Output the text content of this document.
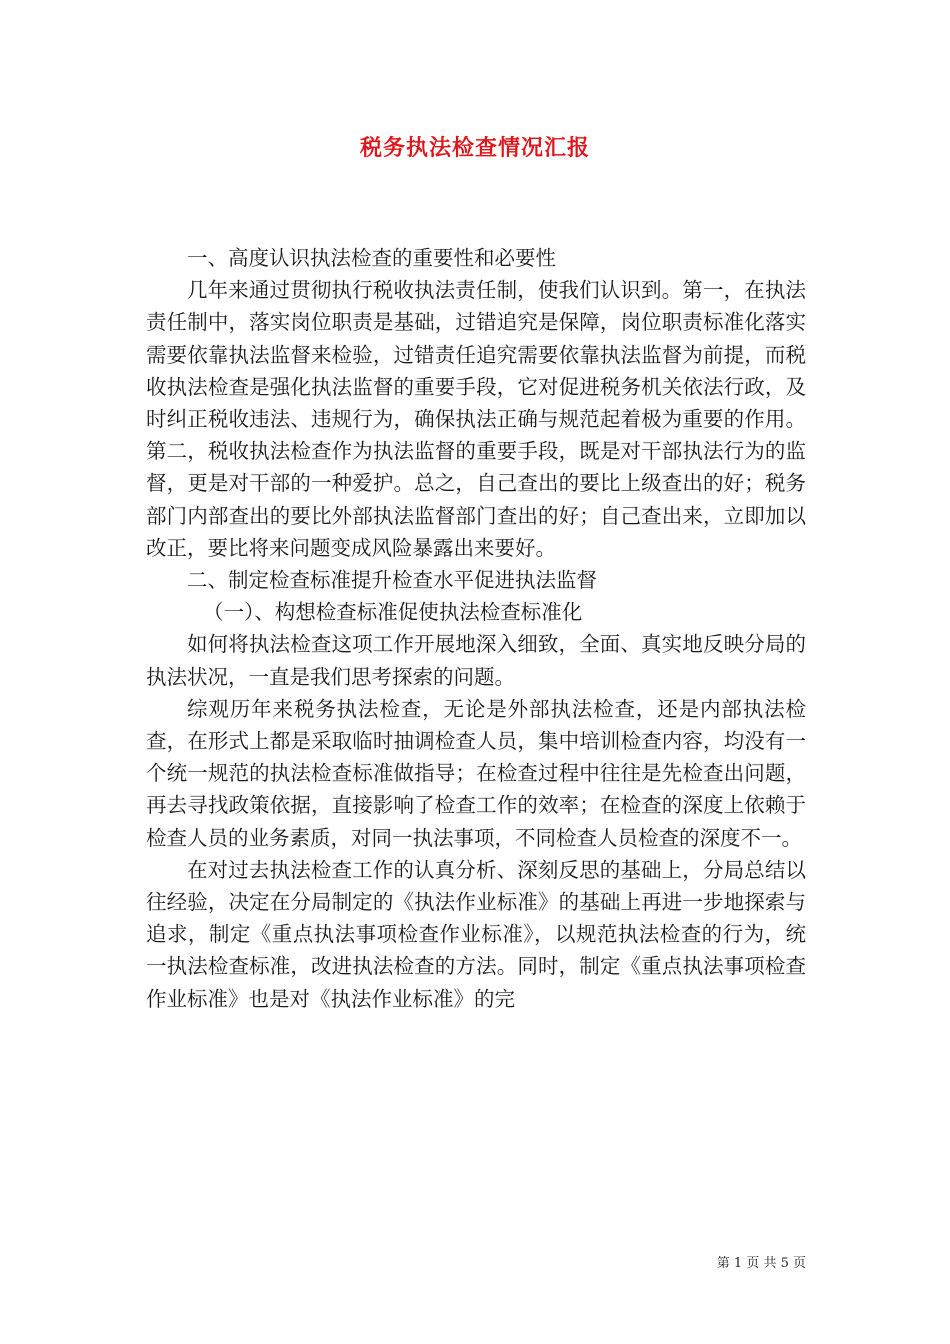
税务执法检查情况汇报

一、高度认识执法检查的重要性和必要性

几年来通过贯彻执行税收执法责任制，使我们认识到。第一，在执法责任制中，落实岗位职责是基础，过错追究是保障，岗位职责标准化落实需要依靠执法监督来检验，过错责任追究需要依靠执法监督为前提，而税收执法检查是强化执法监督的重要手段，它对促进税务机关依法行政，及时纠正税收违法、违规行为，确保执法正确与规范起着极为重要的作用。第二，税收执法检查作为执法监督的重要手段，既是对干部执法行为的监督，更是对干部的一种爱护。总之，自己查出的要比上级查出的好；税务部门内部查出的要比外部执法监督部门查出的好；自己查出来，立即加以改正，要比将来问题变成风险暴露出来要好。

二、制定检查标准提升检查水平促进执法监督

（一）、构想检查标准促使执法检查标准化

如何将执法检查这项工作开展地深入细致，全面、真实地反映分局的执法状况，一直是我们思考探索的问题。

综观历年来税务执法检查，无论是外部执法检查，还是内部执法检查，在形式上都是采取临时抽调检查人员，集中培训检查内容，均没有一个统一规范的执法检查标准做指导；在检查过程中往往是先检查出问题，再去寻找政策依据，直接影响了检查工作的效率；在检查的深度上依赖于检查人员的业务素质，对同一执法事项，不同检查人员检查的深度不一。

在对过去执法检查工作的认真分析、深刻反思的基础上，分局总结以往经验，决定在分局制定的《执法作业标准》的基础上再进一步地探索与追求，制定《重点执法事项检查作业标准》，以规范执法检查的行为，统一执法检查标准，改进执法检查的方法。同时，制定《重点执法事项检查作业标准》也是对《执法作业标准》的完

第 1 页 共 5 页
